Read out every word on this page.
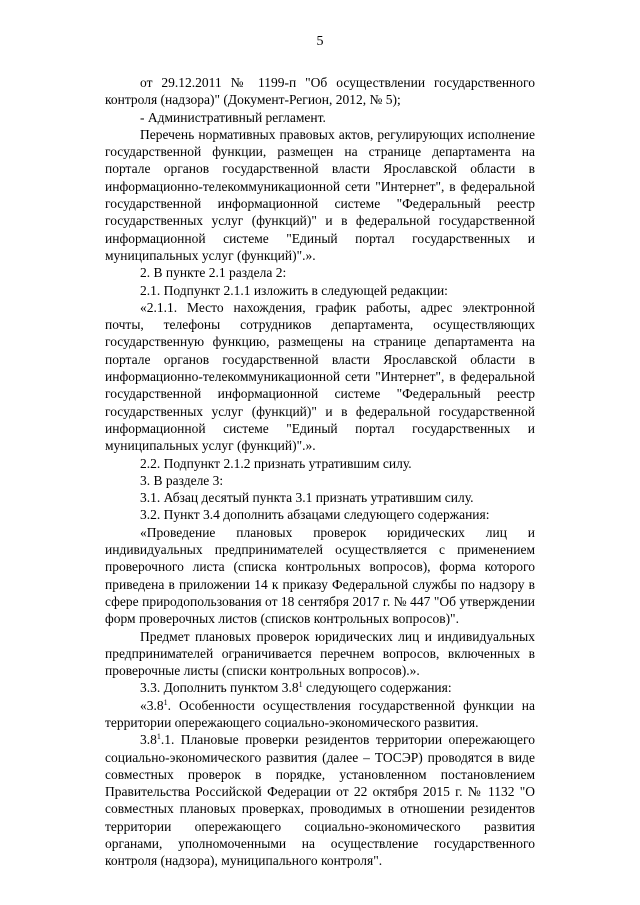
5

от 29.12.2011 № 1199-п "Об осуществлении государственного контроля (надзора)" (Документ-Регион, 2012, № 5);

- Административный регламент.

Перечень нормативных правовых актов, регулирующих исполнение государственной функции, размещен на странице департамента на портале органов государственной власти Ярославской области в информационно-телекоммуникационной сети "Интернет", в федеральной государственной информационной системе "Федеральный реестр государственных услуг (функций)" и в федеральной государственной информационной системе "Единый портал государственных и муниципальных услуг (функций)".».

2. В пункте 2.1 раздела 2:

2.1. Подпункт 2.1.1 изложить в следующей редакции:

«2.1.1. Место нахождения, график работы, адрес электронной почты, телефоны сотрудников департамента, осуществляющих государственную функцию, размещены на странице департамента на портале органов государственной власти Ярославской области в информационно-телекоммуникационной сети "Интернет", в федеральной государственной информационной системе "Федеральный реестр государственных услуг (функций)" и в федеральной государственной информационной системе "Единый портал государственных и муниципальных услуг (функций)".».

2.2. Подпункт 2.1.2 признать утратившим силу.

3. В разделе 3:

3.1. Абзац десятый пункта 3.1 признать утратившим силу.

3.2. Пункт 3.4 дополнить абзацами следующего содержания:

«Проведение плановых проверок юридических лиц и индивидуальных предпринимателей осуществляется с применением проверочного листа (списка контрольных вопросов), форма которого приведена в приложении 14 к приказу Федеральной службы по надзору в сфере природопользования от 18 сентября 2017 г. № 447 "Об утверждении форм проверочных листов (списков контрольных вопросов)".

Предмет плановых проверок юридических лиц и индивидуальных предпринимателей ограничивается перечнем вопросов, включенных в проверочные листы (списки контрольных вопросов).».

3.3. Дополнить пунктом $3.8^1$ следующего содержания:

«$3.8^1$. Особенности осуществления государственной функции на территории опережающего социально-экономического развития.

$3.8^1.1$. Плановые проверки резидентов территории опережающего социально-экономического развития (далее – ТОСЭР) проводятся в виде совместных проверок в порядке, установленном постановлением Правительства Российской Федерации от 22 октября 2015 г. № 1132 "О совместных плановых проверках, проводимых в отношении резидентов территории опережающего социально-экономического развития органами, уполномоченными на осуществление государственного контроля (надзора), муниципального контроля".
